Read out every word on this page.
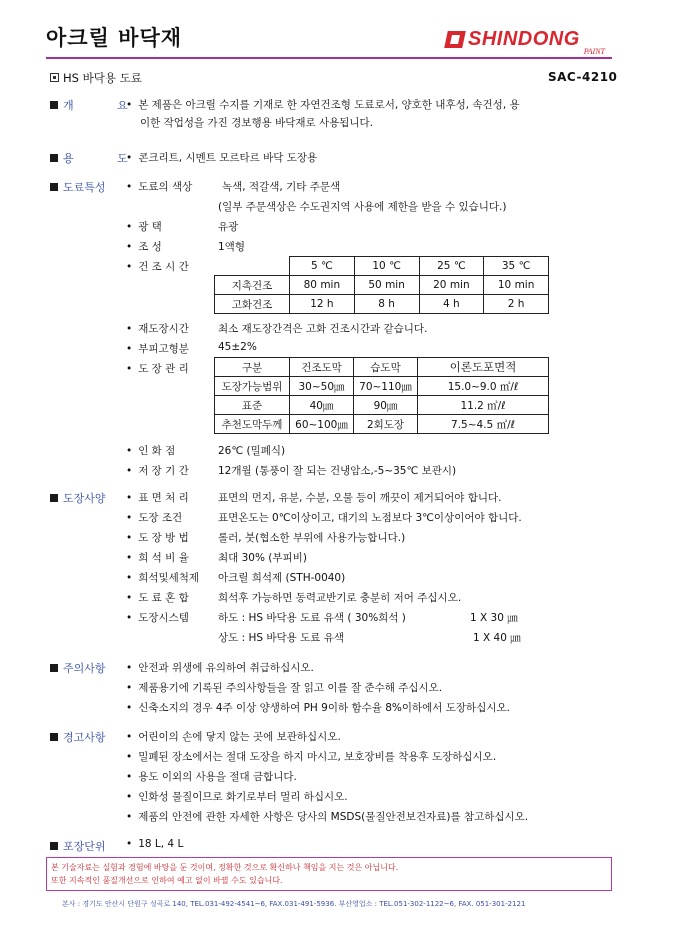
아크릴 바닥재	SHINDONG
PAINT
HS 바닥용 도료	SAC-4210
개 요
• 본 제품은 아크릴 수지를 기재로 한 자연건조형 도료로서, 양호한 내후성, 속건성, 용
이한 작업성을 가진 경보행용 바닥재로 사용됩니다.
용 도
• 콘크리트, 시멘트 모르타르 바닥 도장용
도료특성	• 도료의 색상	녹색, 적갈색, 기타 주문색
(일부 주문색상은 수도권지역 사용에 제한을 받을 수 있습니다.)
• 광 택	유광
• 조 성	1액형
• 건 조 시 간
		5 ℃	10 ℃	25 ℃	35 ℃
지촉건조	80 min	50 min	20 min	10 min
고화건조	12 h	8 h	4 h	2 h
• 재도장시간	최소 재도장간격은 고화 건조시간과 같습니다.
• 부피고형분	45±2%
• 도 장 관 리	구분	건조도막	습도막	이론도포면적
도장가능범위	30~50㎛	70~110㎛	15.0~9.0 ㎡/ℓ
표준	40㎛	90㎛	11.2 ㎡/ℓ
추천도막두께	60~100㎛	2회도장	7.5~4.5 ㎡/ℓ
• 인 화 점	26℃ (밀폐식)
• 저 장 기 간	12개월 (통풍이 잘 되는 건냉암소,-5~35℃ 보관시)
도장사양	• 표 면 처 리	표면의 먼지, 유분, 수분, 오물 등이 깨끗이 제거되어야 합니다.
• 도장 조건	표면온도는 0℃이상이고, 대기의 노점보다 3℃이상이어야 합니다.
• 도 장 방 법	롤러, 붓(협소한 부위에 사용가능합니다.)
• 희 석 비 율	최대 30% (부피비)
• 희석및세척제 아크릴 희석제 (STH-0040)
• 도 료 혼 합	희석후 가능하면 동력교반기로 충분히 저어 주십시오.
• 도장시스템	하도 : HS 바닥용 도료 유색 ( 30%희석 )	1 X 30 ㎛
상도 : HS 바닥용 도료 유색	1 X 40 ㎛
주의사항	• 안전과 위생에 유의하여 취급하십시오.
• 제품용기에 기록된 주의사항들을 잘 읽고 이를 잘 준수해 주십시오.
• 신축소지의 경우 4주 이상 양생하여 PH 9이하 함수율 8%이하에서 도장하십시오.
경고사항	• 어린이의 손에 닿지 않는 곳에 보관하십시오.
• 밀폐된 장소에서는 절대 도장을 하지 마시고, 보호장비를 착용후 도장하십시오.
• 용도 이외의 사용을 절대 금합니다.
• 인화성 물질이므로 화기로부터 멀리 하십시오.
• 제품의 안전에 관한 자세한 사항은 당사의 MSDS(물질안전보건자료)를 참고하십시오.
포장단위	• 18 L, 4 L
본 기술자료는 실험과 경험에 바탕을 둔 것이며, 정확한 것으로 확신하나 책임을 지는 것은 아닙니다.
또한 지속적인 품질개선으로 인하여 예고 없이 바뀔 수도 있습니다.
본사 : 경기도 안산시 단원구 성곡로 140, TEL.031-492-4541~6, FAX.031-491-5936. 부산영업소 : TEL.051-302-1122~6, FAX. 051-301-2121
